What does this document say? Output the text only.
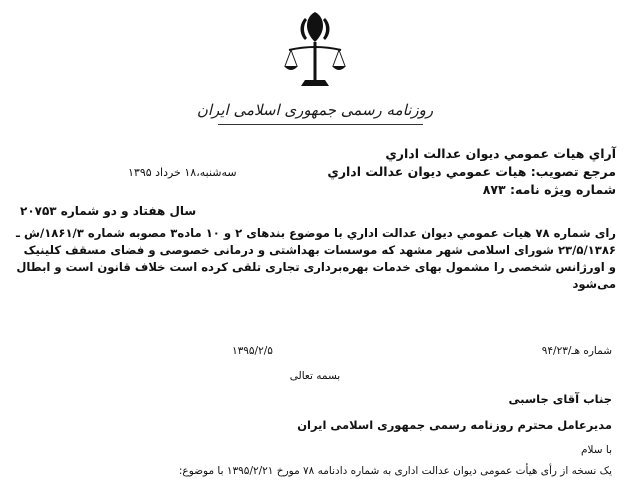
روزنامه رسمی جمهوری اسلامی ایران
آراي هيات عمومي ديوان عدالت اداري
مرجع تصويب: هيات عمومي ديوان عدالت اداري
شماره ويژه نامه: ۸۷۳
سه‌شنبه،۱۸ خرداد ۱۳۹۵
سال هفتاد و دو شماره ۲۰۷۵۳
رای شماره ۷۸ هيات عمومي ديوان عدالت اداري با موضوع بندهای ۲ و ۱۰ ماده۳ مصوبه شماره ۱۸۶۱/۳/ش ـ ۲۳/۵/۱۳۸۶ شورای اسلامی شهر مشهد که موسسات بهداشتی و درمانی خصوصی و فضای مسقف کلینیک و اورژانس شخصی را مشمول بهای خدمات بهره‌برداری تجاری تلقی کرده است خلاف قانون است و ابطال می‌شود
شماره هـ/۹۴/۲۳
۱۳۹۵/۲/۵
بسمه تعالی
جناب آقای جاسبی
مدیرعامل محترم روزنامه رسمی جمهوری اسلامی ایران
با سلام
یک نسخه از رأی هیأت عمومی دیوان عدالت اداری به شماره دادنامه ۷۸ مورخ ۱۳۹۵/۲/۲۱ با موضوع:
